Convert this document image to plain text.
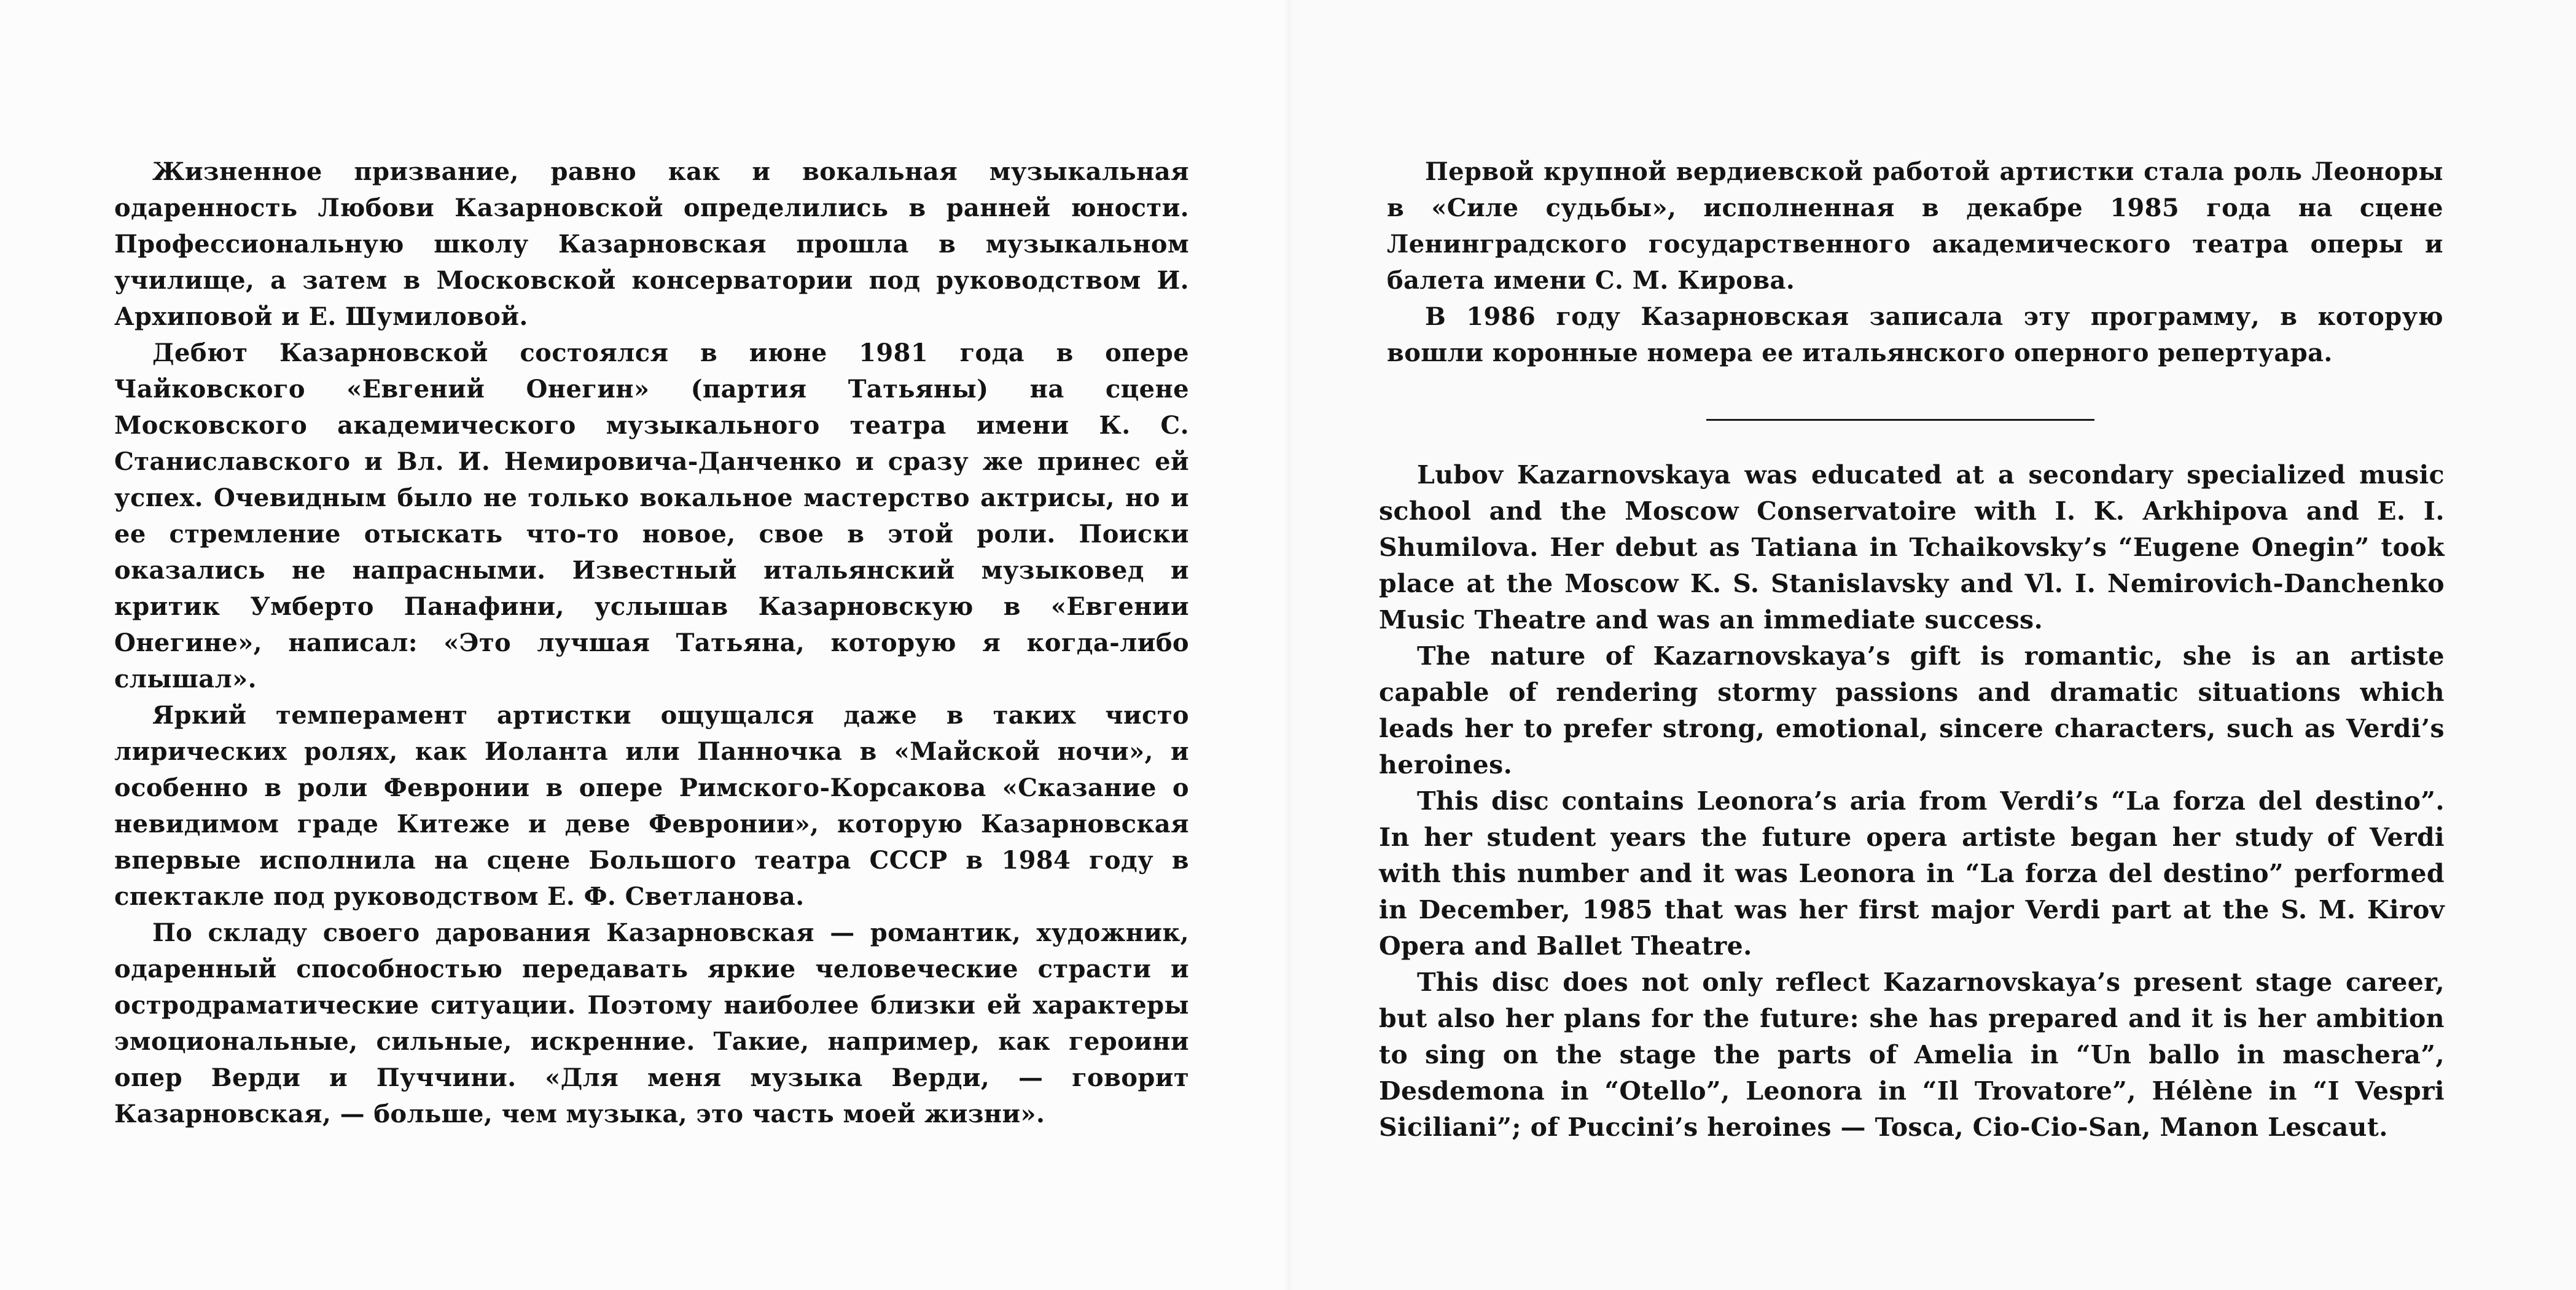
Жизненное призвание, равно как и вокальная музыкальная одаренность Любови Казарновской определились в ранней юности. Профессиональную школу Казарновская прошла в музыкальном училище, а затем в Московской консерватории под руководством И. Архиповой и Е. Шумиловой.

Дебют Казарновской состоялся в июне 1981 года в опере Чайковского «Евгений Онегин» (партия Татьяны) на сцене Московского академического музыкального театра имени К. С. Станиславского и Вл. И. Немировича-Данченко и сразу же принес ей успех. Очевидным было не только вокальное мастерство актрисы, но и ее стремление отыскать что-то новое, свое в этой роли. Поиски оказались не напрасными. Известный итальянский музыковед и критик Умберто Панафини, услышав Казарновскую в «Евгении Онегине», написал: «Это лучшая Татьяна, которую я когда-либо слышал».

Яркий темперамент артистки ощущался даже в таких чисто лирических ролях, как Иоланта или Панночка в «Майской ночи», и особенно в роли Февронии в опере Римского-Корсакова «Сказание о невидимом граде Китеже и деве Февронии», которую Казарновская впервые исполнила на сцене Большого театра СССР в 1984 году в спектакле под руководством Е. Ф. Светланова.

По складу своего дарования Казарновская — романтик, художник, одаренный способностью передавать яркие человеческие страсти и остродраматические ситуации. Поэтому наиболее близки ей характеры эмоциональные, сильные, искренние. Такие, например, как героини опер Верди и Пуччини. «Для меня музыка Верди, — говорит Казарновская, — больше, чем музыка, это часть моей жизни».

Первой крупной вердиевской работой артистки стала роль Леоноры в «Силе судьбы», исполненная в декабре 1985 года на сцене Ленинградского государственного академического театра оперы и балета имени С. М. Кирова.

В 1986 году Казарновская записала эту программу, в которую вошли коронные номера ее итальянского оперного репертуара.

Lubov Kazarnovskaya was educated at a secondary specialized music school and the Moscow Conservatoire with I. K. Arkhipova and E. I. Shumilova. Her debut as Tatiana in Tchaikovsky’s “Eugene Onegin” took place at the Moscow K. S. Stanislavsky and Vl. I. Nemirovich-Danchenko Music Theatre and was an immediate success.

The nature of Kazarnovskaya’s gift is romantic, she is an artiste capable of rendering stormy passions and dramatic situations which leads her to prefer strong, emotional, sincere characters, such as Verdi’s heroines.

This disc contains Leonora’s aria from Verdi’s “La forza del destino”. In her student years the future opera artiste began her study of Verdi with this number and it was Leonora in “La forza del destino” performed in December, 1985 that was her first major Verdi part at the S. M. Kirov Opera and Ballet Theatre.

This disc does not only reflect Kazarnovskaya’s present stage career, but also her plans for the future: she has prepared and it is her ambition to sing on the stage the parts of Amelia in “Un ballo in maschera”, Desdemona in “Otello”, Leonora in “Il Trovatore”, Hélène in “I Vespri Siciliani”; of Puccini’s heroines — Tosca, Cio-Cio-San, Manon Lescaut.
